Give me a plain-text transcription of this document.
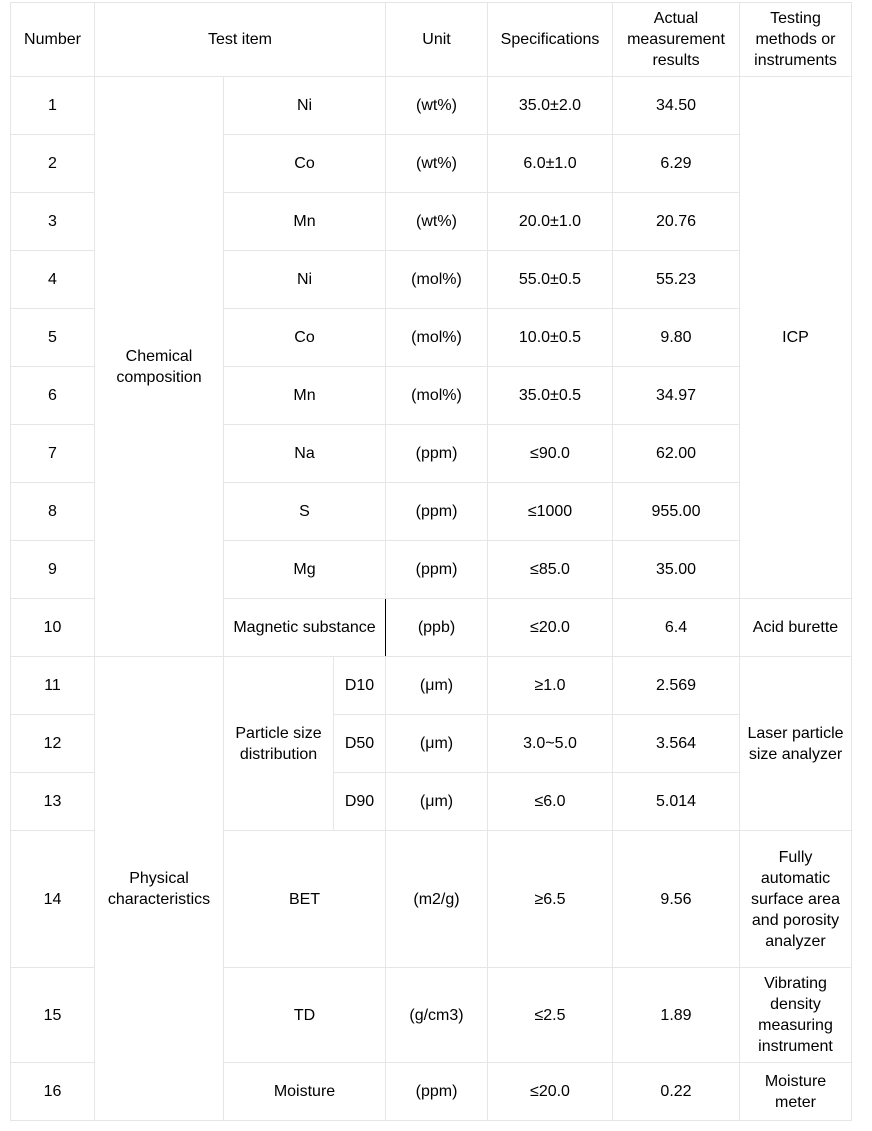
Number	Test item			Unit	Specifications	Actual measurement results	Testing methods or instruments
1	Chemical composition	Ni		(wt%)	35.0±2.0	34.50	ICP
2		Co		(wt%)	6.0±1.0	6.29	
3		Mn		(wt%)	20.0±1.0	20.76	
4		Ni		(mol%)	55.0±0.5	55.23	
5		Co		(mol%)	10.0±0.5	9.80	
6		Mn		(mol%)	35.0±0.5	34.97	
7		Na		(ppm)	≤90.0	62.00	
8		S		(ppm)	≤1000	955.00	
9		Mg		(ppm)	≤85.0	35.00	
10		Magnetic substance		(ppb)	≤20.0	6.4	Acid burette
11	Physical characteristics	Particle size distribution	D10	(μm)	≥1.0	2.569	Laser particle size analyzer
12			D50	(μm)	3.0~5.0	3.564	
13			D90	(μm)	≤6.0	5.014	
14		BET		(m2/g)	≥6.5	9.56	Fully automatic surface area and porosity analyzer
15		TD		(g/cm3)	≤2.5	1.89	Vibrating density measuring instrument
16		Moisture		(ppm)	≤20.0	0.22	Moisture meter
